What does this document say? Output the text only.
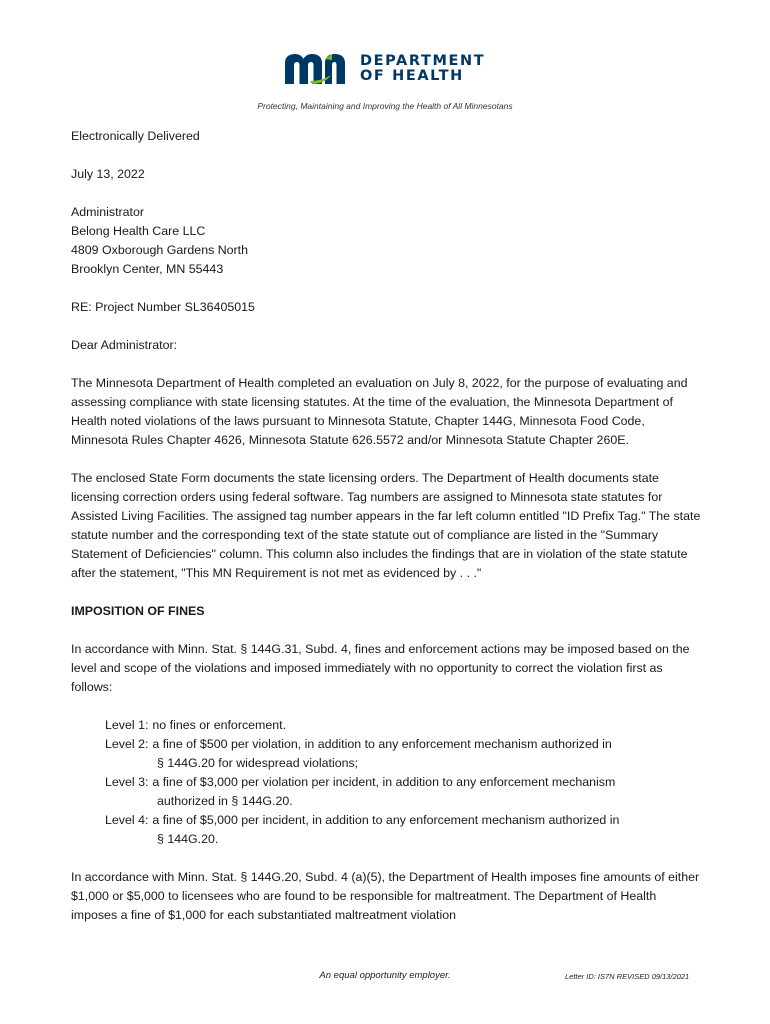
DEPARTMENT
OF HEALTH
Protecting, Maintaining and Improving the Health of All Minnesotans

Electronically Delivered

July 13, 2022

Administrator
Belong Health Care LLC
4809 Oxborough Gardens North
Brooklyn Center, MN 55443

RE: Project Number SL36405015

Dear Administrator:

The Minnesota Department of Health completed an evaluation on July 8, 2022, for the purpose of evaluating and assessing compliance with state licensing statutes. At the time of the evaluation, the Minnesota Department of Health noted violations of the laws pursuant to Minnesota Statute, Chapter 144G, Minnesota Food Code, Minnesota Rules Chapter 4626, Minnesota Statute 626.5572 and/or Minnesota Statute Chapter 260E.

The enclosed State Form documents the state licensing orders. The Department of Health documents state licensing correction orders using federal software. Tag numbers are assigned to Minnesota state statutes for Assisted Living Facilities. The assigned tag number appears in the far left column entitled "ID Prefix Tag." The state statute number and the corresponding text of the state statute out of compliance are listed in the "Summary Statement of Deficiencies" column. This column also includes the findings that are in violation of the state statute after the statement, "This MN Requirement is not met as evidenced by . . ."

IMPOSITION OF FINES

In accordance with Minn. Stat. § 144G.31, Subd. 4, fines and enforcement actions may be imposed based on the level and scope of the violations and imposed immediately with no opportunity to correct the violation first as follows:

Level 1: no fines or enforcement.
Level 2: a fine of $500 per violation, in addition to any enforcement mechanism authorized in
§ 144G.20 for widespread violations;
Level 3: a fine of $3,000 per violation per incident, in addition to any enforcement mechanism
authorized in § 144G.20.
Level 4: a fine of $5,000 per incident, in addition to any enforcement mechanism authorized in
§ 144G.20.

In accordance with Minn. Stat. § 144G.20, Subd. 4 (a)(5), the Department of Health imposes fine amounts of either $1,000 or $5,000 to licensees who are found to be responsible for maltreatment. The Department of Health imposes a fine of $1,000 for each substantiated maltreatment violation

An equal opportunity employer.	Letter ID: IS7N REVISED 09/13/2021
